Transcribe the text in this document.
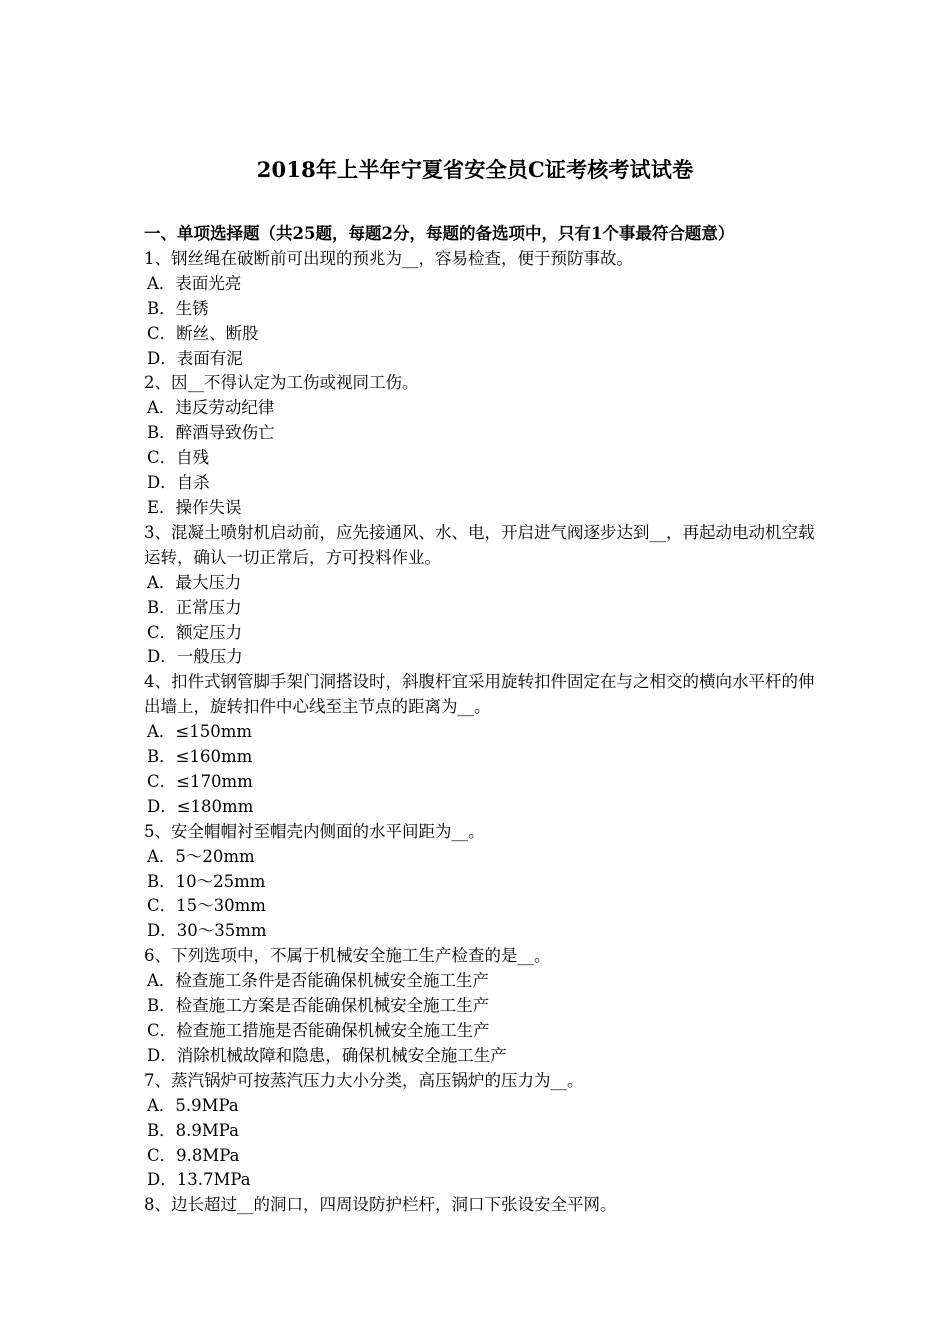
2018年上半年宁夏省安全员C证考核考试试卷
一、单项选择题（共25题，每题2分，每题的备选项中，只有1个事最符合题意）
1、钢丝绳在破断前可出现的预兆为__，容易检查，便于预防事故。
A．表面光亮
B．生锈
C．断丝、断股
D．表面有泥
2、因__不得认定为工伤或视同工伤。
A．违反劳动纪律
B．醉酒导致伤亡
C．自残
D．自杀
E．操作失误
3、混凝土喷射机启动前，应先接通风、水、电，开启进气阀逐步达到__，再起动电动机空载运转，确认一切正常后，方可投料作业。
A．最大压力
B．正常压力
C．额定压力
D．一般压力
4、扣件式钢管脚手架门洞搭设时，斜腹杆宜采用旋转扣件固定在与之相交的横向水平杆的伸出墙上，旋转扣件中心线至主节点的距离为__。
A．≤150mm
B．≤160mm
C．≤170mm
D．≤180mm
5、安全帽帽衬至帽壳内侧面的水平间距为__。
A．5～20mm
B．10～25mm
C．15～30mm
D．30～35mm
6、下列选项中，不属于机械安全施工生产检查的是__。
A．检查施工条件是否能确保机械安全施工生产
B．检查施工方案是否能确保机械安全施工生产
C．检查施工措施是否能确保机械安全施工生产
D．消除机械故障和隐患，确保机械安全施工生产
7、蒸汽锅炉可按蒸汽压力大小分类，高压锅炉的压力为__。
A．5.9MPa
B．8.9MPa
C．9.8MPa
D．13.7MPa
8、边长超过__的洞口，四周设防护栏杆，洞口下张设安全平网。
